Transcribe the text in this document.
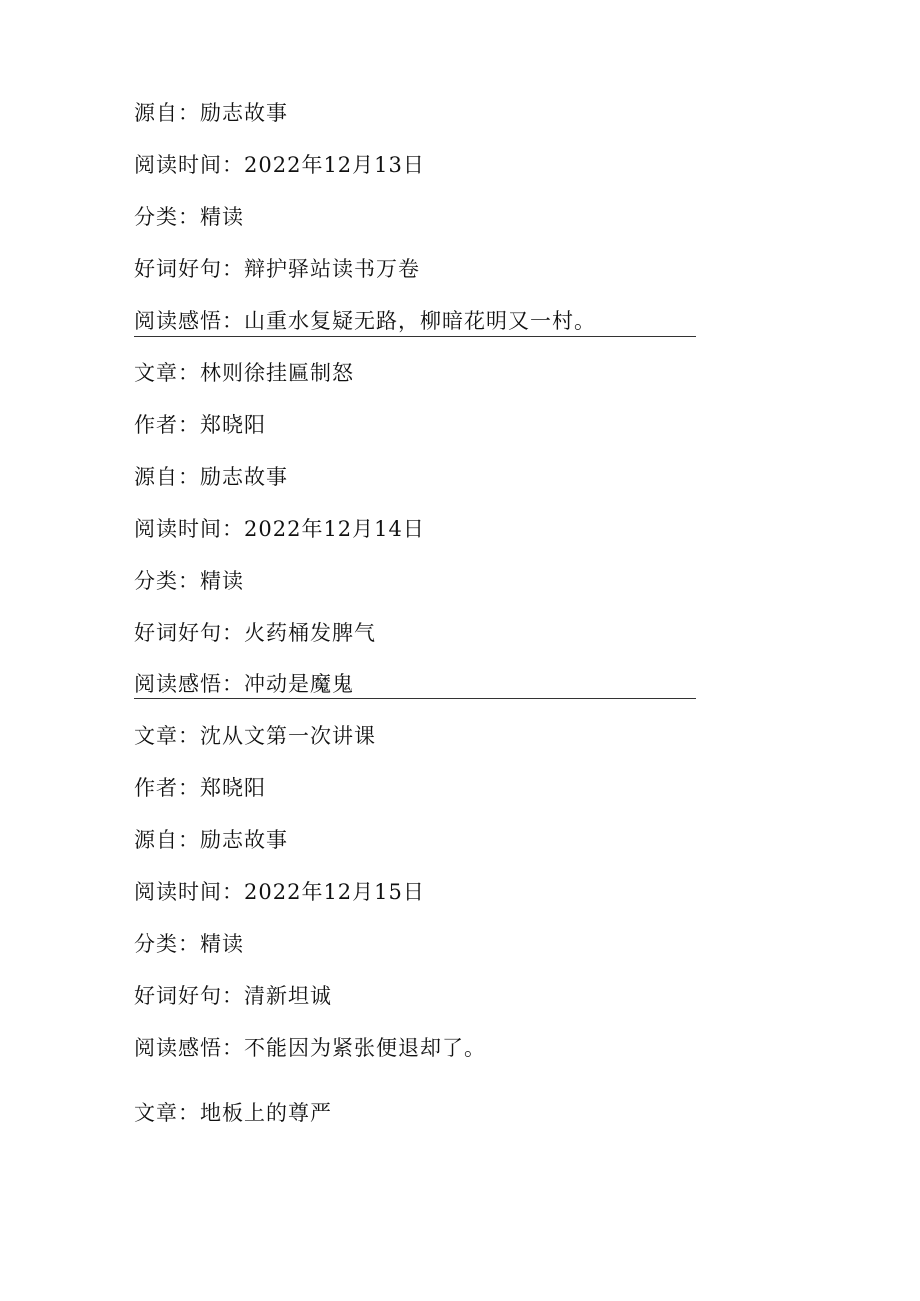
源自：励志故事
阅读时间：2022年12月13日
分类：精读
好词好句：辩护驿站读书万卷
阅读感悟：山重水复疑无路，柳暗花明又一村。
文章：林则徐挂匾制怒
作者：郑晓阳
源自：励志故事
阅读时间：2022年12月14日
分类：精读
好词好句：火药桶发脾气
阅读感悟：冲动是魔鬼
文章：沈从文第一次讲课
作者：郑晓阳
源自：励志故事
阅读时间：2022年12月15日
分类：精读
好词好句：清新坦诚
阅读感悟：不能因为紧张便退却了。
文章：地板上的尊严
